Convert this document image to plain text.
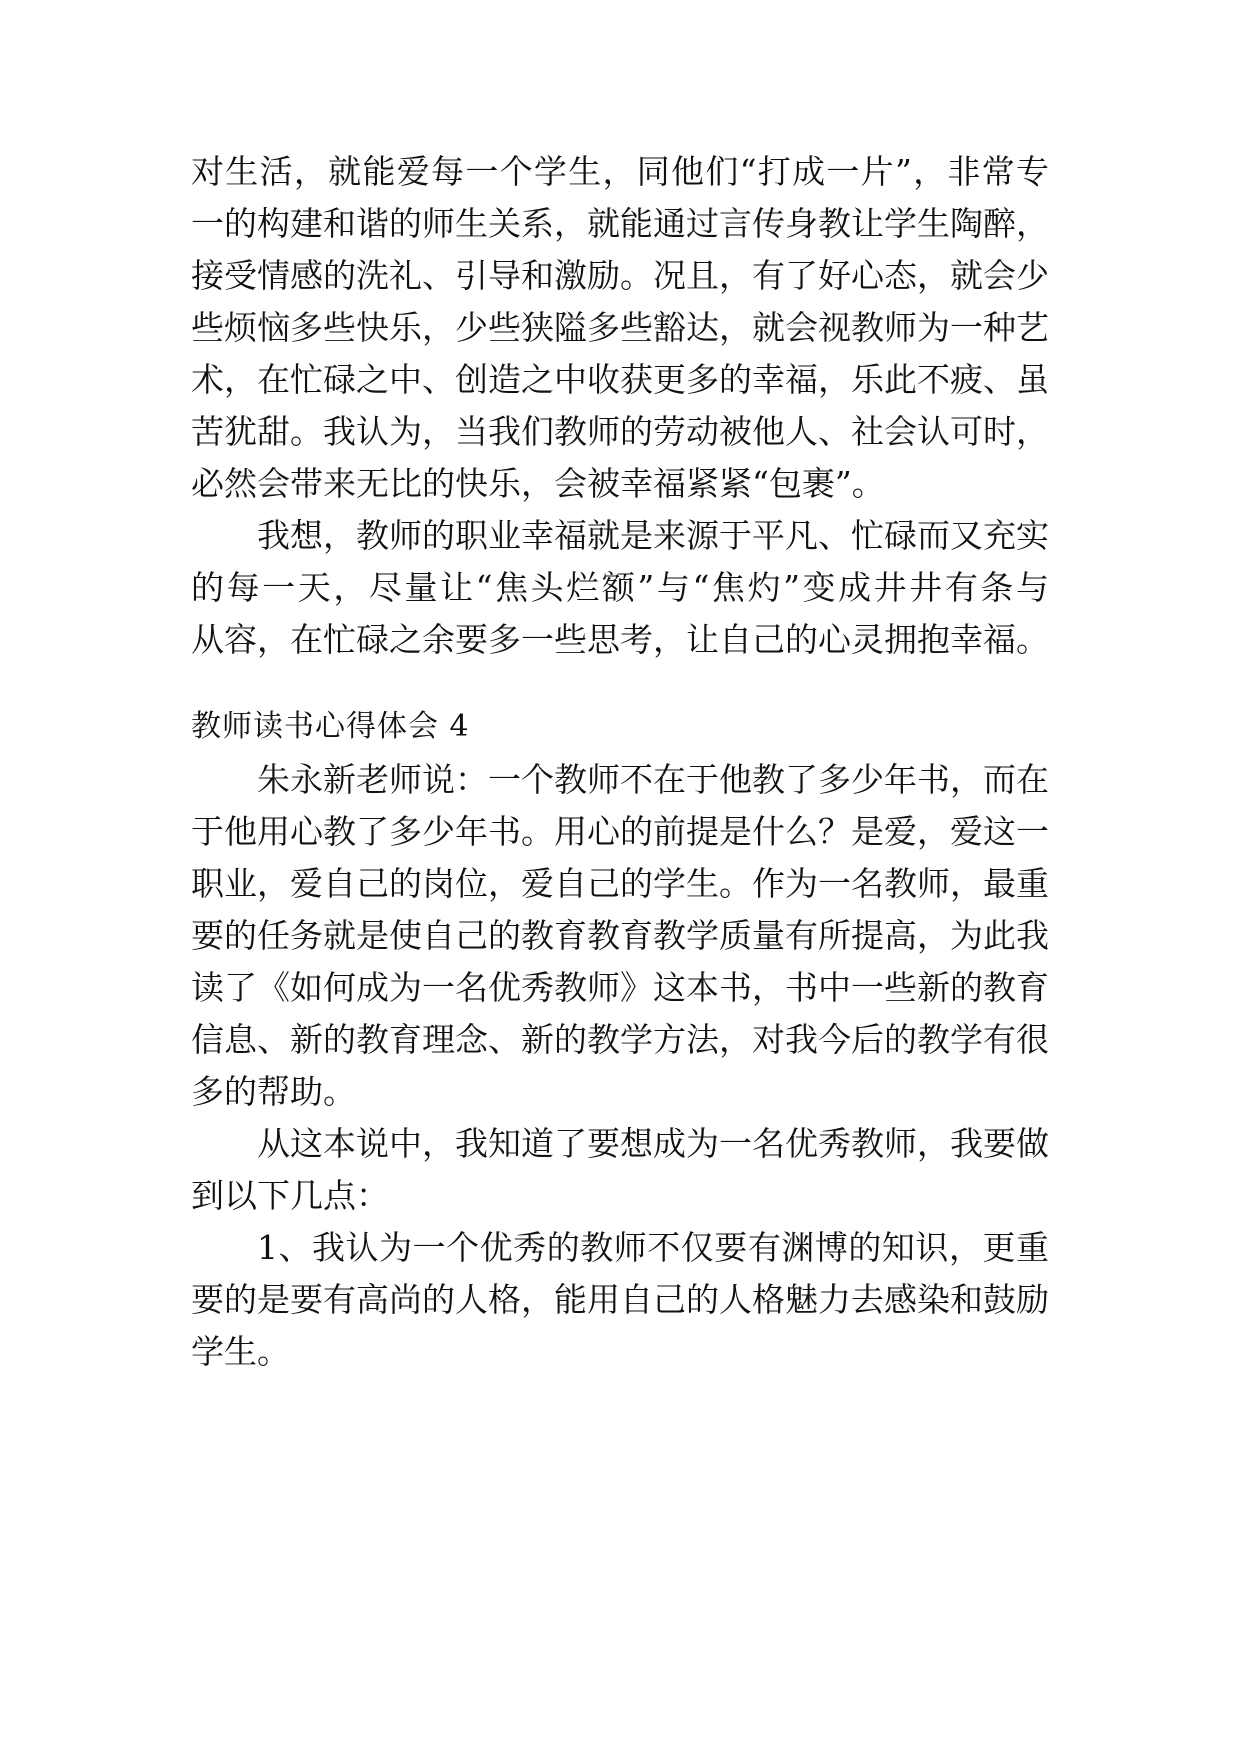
对生活，就能爱每一个学生，同他们“打成一片”，非常专
一的构建和谐的师生关系，就能通过言传身教让学生陶醉，
接受情感的洗礼、引导和激励。况且，有了好心态，就会少
些烦恼多些快乐，少些狭隘多些豁达，就会视教师为一种艺
术，在忙碌之中、创造之中收获更多的幸福，乐此不疲、虽
苦犹甜。我认为，当我们教师的劳动被他人、社会认可时，
必然会带来无比的快乐，会被幸福紧紧“包裹”。
我想，教师的职业幸福就是来源于平凡、忙碌而又充实
的每一天，尽量让“焦头烂额”与“焦灼”变成井井有条与
从容，在忙碌之余要多一些思考，让自己的心灵拥抱幸福。
教师读书心得体会 4
朱永新老师说：一个教师不在于他教了多少年书，而在
于他用心教了多少年书。用心的前提是什么？是爱，爱这一
职业，爱自己的岗位，爱自己的学生。作为一名教师，最重
要的任务就是使自己的教育教育教学质量有所提高，为此我
读了《如何成为一名优秀教师》这本书，书中一些新的教育
信息、新的教育理念、新的教学方法，对我今后的教学有很
多的帮助。
从这本说中，我知道了要想成为一名优秀教师，我要做
到以下几点：
1、我认为一个优秀的教师不仅要有渊博的知识，更重
要的是要有高尚的人格，能用自己的人格魅力去感染和鼓励
学生。
